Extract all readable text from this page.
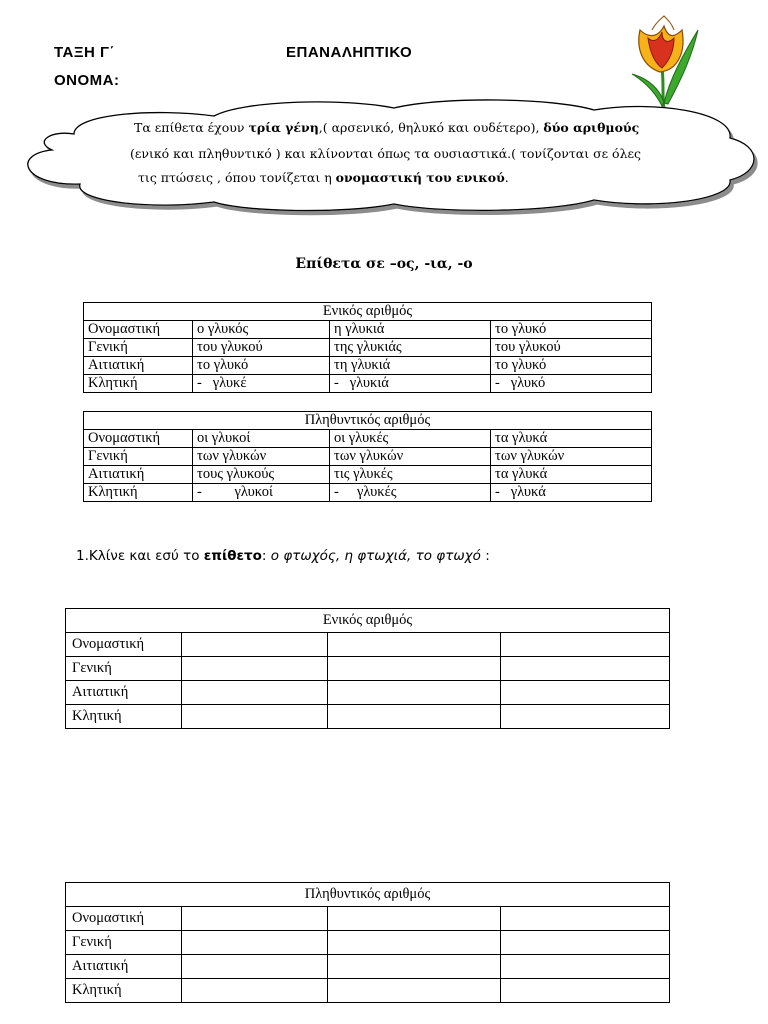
ΤΑΞΗ Γ΄	ΕΠΑΝΑΛΗΠΤΙΚΟ
ΟΝΟΜΑ:
Τα επίθετα έχουν τρία γένη,( αρσενικό, θηλυκό και ουδέτερο), δύο αριθμούς
(ενικό και πληθυντικό ) και κλίνονται όπως τα ουσιαστικά.( τονίζονται σε όλες
τις πτώσεις , όπου τονίζεται η ονομαστική του ενικού.
Επίθετα σε –ος, -ια, -ο
Ενικός αριθμός			
Ονομαστική	ο γλυκός	η γλυκιά	το γλυκό
Γενική	του γλυκού	της γλυκιάς	του γλυκού
Αιτιατική	το γλυκό	τη γλυκιά	το γλυκό
Κλητική	-   γλυκέ	-   γλυκιά	-   γλυκό
Πληθυντικός αριθμός			
Ονομαστική	οι γλυκοί	οι γλυκές	τα γλυκά
Γενική	των γλυκών	των γλυκών	των γλυκών
Αιτιατική	τους γλυκούς	τις γλυκές	τα γλυκά
Κλητική	-         γλυκοί	-     γλυκές	-   γλυκά
1.Κλίνε και εσύ το επίθετο: ο φτωχός, η φτωχιά, το φτωχό :
Ενικός αριθμός			
Ονομαστική			
Γενική			
Αιτιατική			
Κλητική			
Πληθυντικός αριθμός			
Ονομαστική			
Γενική			
Αιτιατική			
Κλητική			
